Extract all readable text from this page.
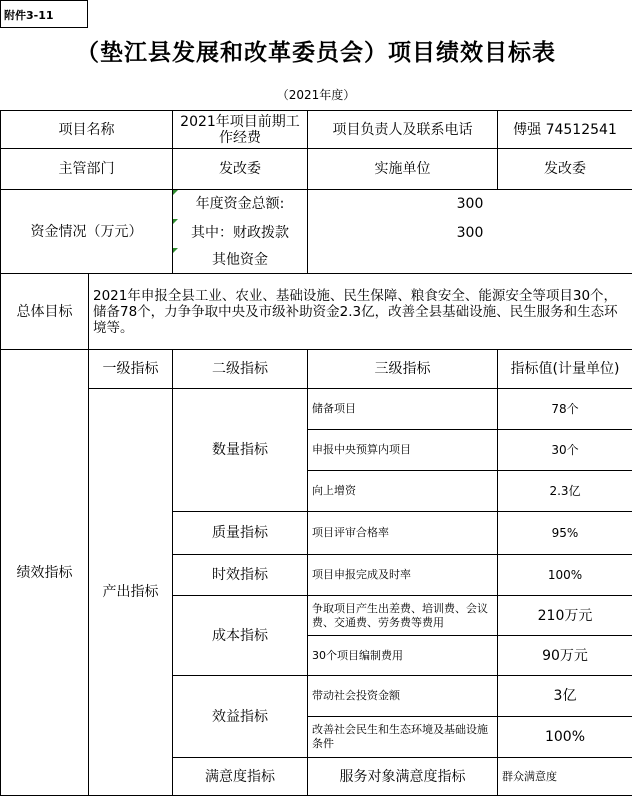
附件3-11
（垫江县发展和改革委员会）项目绩效目标表
（2021年度）
项目名称		2021年项目前期工作经费	项目负责人及联系电话	傅强 74512541	
主管部门		发改委	实施单位	发改委	
资金情况（万元）		年度资金总额:	300		
		其中：财政拨款	300		
		其他资金			
总体目标	2021年申报全县工业、农业、基础设施、民生保障、粮食安全、能源安全等项目30个，储备78个，力争争取中央及市级补助资金2.3亿，改善全县基础设施、民生服务和生态环境等。				
绩效指标	一级指标	二级指标	三级指标	指标值(计量单位)	
	产出指标	数量指标	储备项目	78个	
			申报中央预算内项目	30个	
			向上增资	2.3亿	
		质量指标	项目评审合格率	95%	
		时效指标	项目申报完成及时率	100%	
		成本指标	争取项目产生出差费、培训费、会议费、交通费、劳务费等费用	210万元	
			30个项目编制费用	90万元	
		效益指标	带动社会投资金额	3亿	
			改善社会民生和生态环境及基础设施条件	100%	
		满意度指标	服务对象满意度指标	群众满意度	
